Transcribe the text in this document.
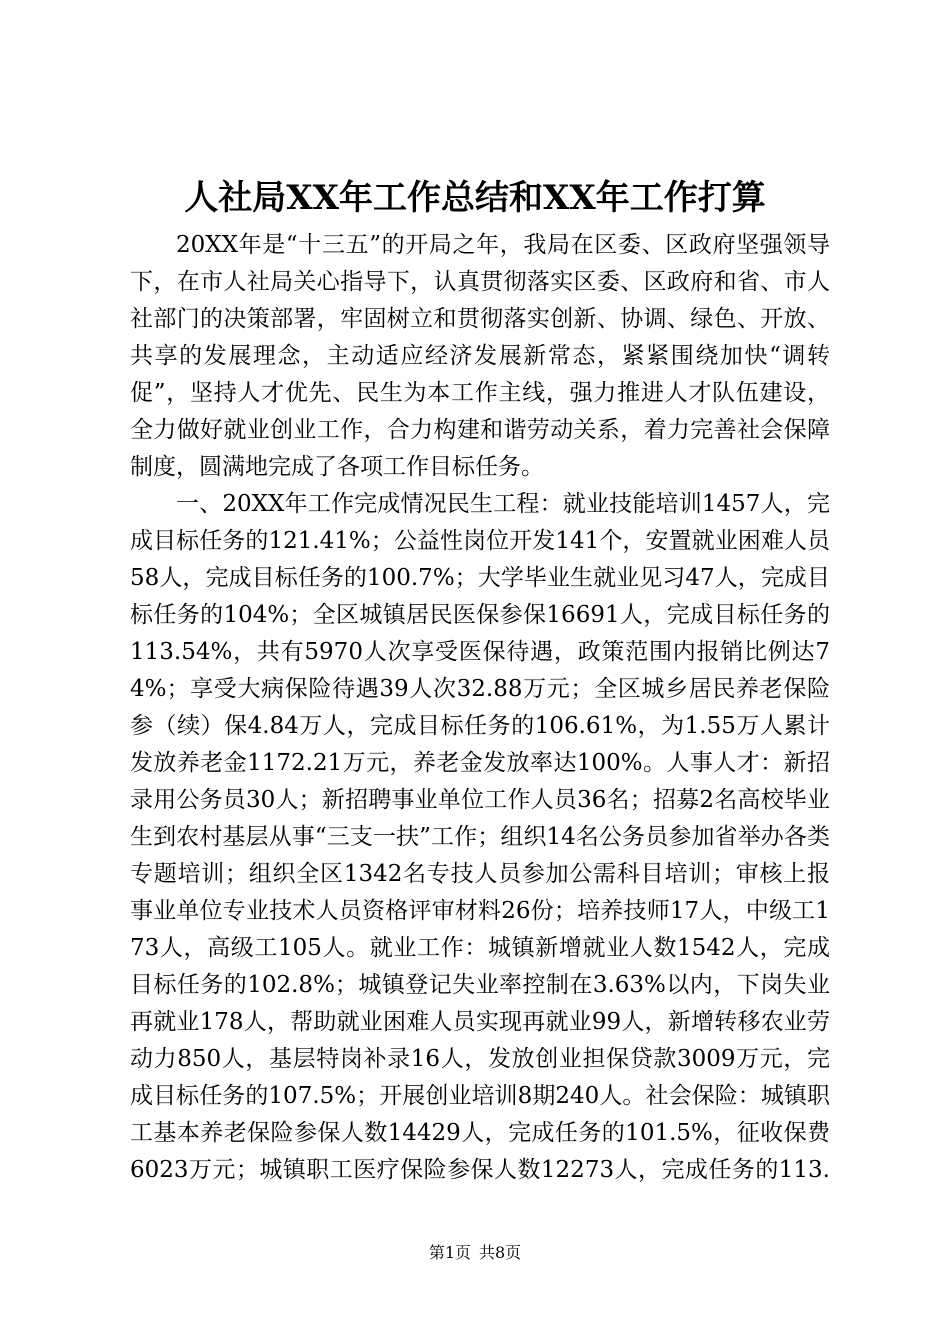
人社局XX年工作总结和XX年工作打算

20XX年是“十三五”的开局之年，我局在区委、区政府坚强领导下，在市人社局关心指导下，认真贯彻落实区委、区政府和省、市人社部门的决策部署，牢固树立和贯彻落实创新、协调、绿色、开放、共享的发展理念，主动适应经济发展新常态，紧紧围绕加快“调转促”，坚持人才优先、民生为本工作主线，强力推进人才队伍建设，全力做好就业创业工作，合力构建和谐劳动关系，着力完善社会保障制度，圆满地完成了各项工作目标任务。

一、20XX年工作完成情况民生工程：就业技能培训1457人，完成目标任务的121.41%；公益性岗位开发141个，安置就业困难人员58人，完成目标任务的100.7%；大学毕业生就业见习47人，完成目标任务的104%；全区城镇居民医保参保16691人，完成目标任务的113.54%，共有5970人次享受医保待遇，政策范围内报销比例达74%；享受大病保险待遇39人次32.88万元；全区城乡居民养老保险参（续）保4.84万人，完成目标任务的106.61%，为1.55万人累计发放养老金1172.21万元，养老金发放率达100%。人事人才：新招录用公务员30人；新招聘事业单位工作人员36名；招募2名高校毕业生到农村基层从事“三支一扶”工作；组织14名公务员参加省举办各类专题培训；组织全区1342名专技人员参加公需科目培训；审核上报事业单位专业技术人员资格评审材料26份；培养技师17人，中级工173人，高级工105人。就业工作：城镇新增就业人数1542人，完成目标任务的102.8%；城镇登记失业率控制在3.63%以内，下岗失业再就业178人，帮助就业困难人员实现再就业99人，新增转移农业劳动力850人，基层特岗补录16人，发放创业担保贷款3009万元，完成目标任务的107.5%；开展创业培训8期240人。社会保险：城镇职工基本养老保险参保人数14429人，完成任务的101.5%，征收保费6023万元；城镇职工医疗保险参保人数12273人，完成任务的113.

第1页 共8页
